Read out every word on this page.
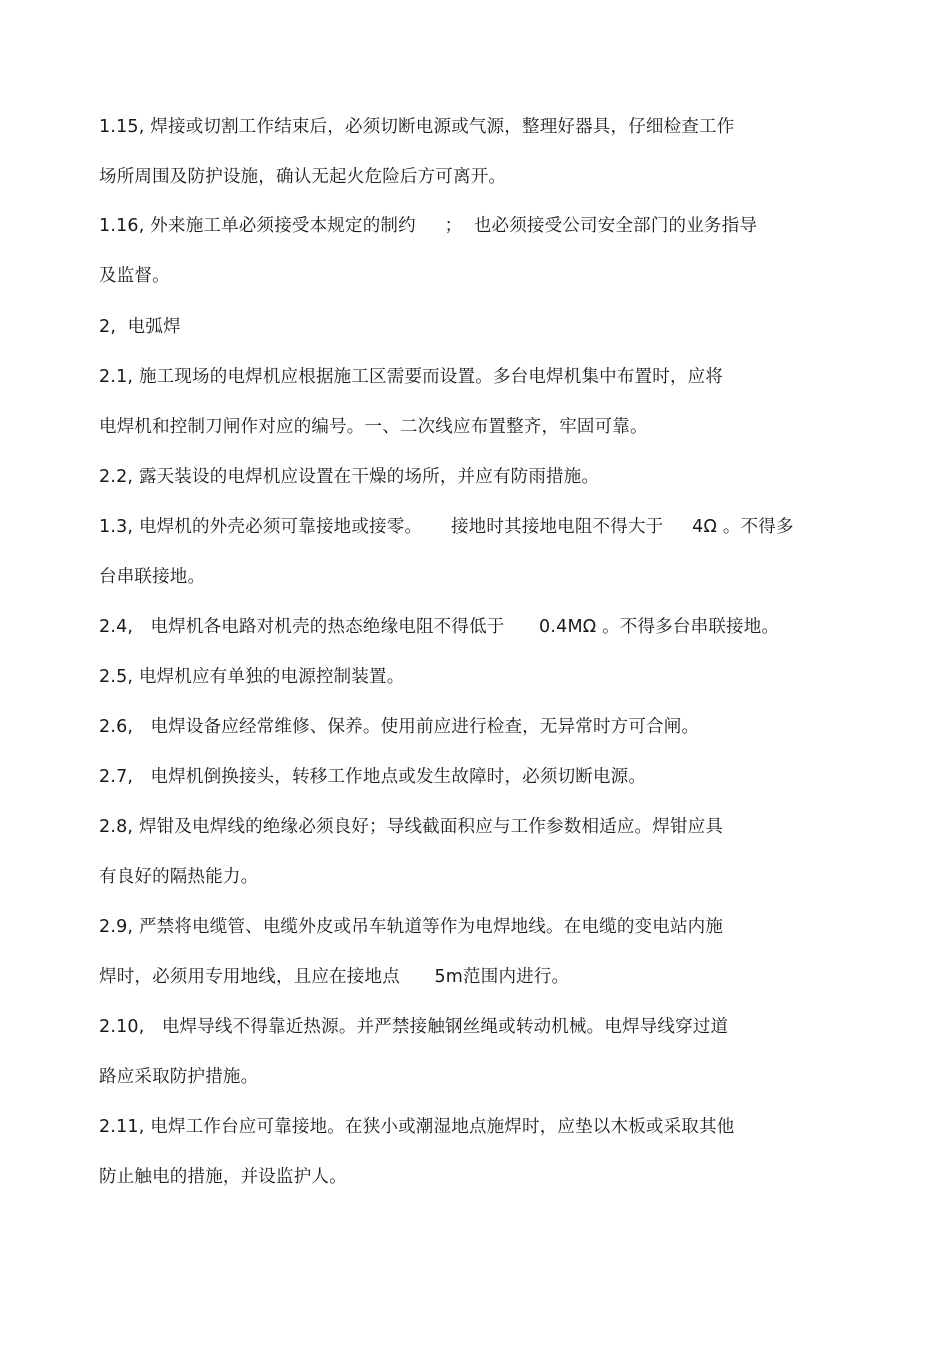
1.15, 焊接或切割工作结束后，必须切断电源或气源，整理好器具，仔细检查工作
场所周围及防护设施，确认无起火危险后方可离开。
1.16, 外来施工单必须接受本规定的制约     ；  也必须接受公司安全部门的业务指导
及监督。
2,  电弧焊
2.1, 施工现场的电焊机应根据施工区需要而设置。多台电焊机集中布置时，应将
电焊机和控制刀闸作对应的编号。一、二次线应布置整齐，牢固可靠。
2.2, 露天装设的电焊机应设置在干燥的场所，并应有防雨措施。
1.3, 电焊机的外壳必须可靠接地或接零。     接地时其接地电阻不得大于     4Ω 。不得多
台串联接地。
2.4,   电焊机各电路对机壳的热态绝缘电阻不得低于      0.4MΩ 。不得多台串联接地。
2.5, 电焊机应有单独的电源控制装置。
2.6,   电焊设备应经常维修、保养。使用前应进行检查，无异常时方可合闸。
2.7,   电焊机倒换接头，转移工作地点或发生故障时，必须切断电源。
2.8, 焊钳及电焊线的绝缘必须良好；导线截面积应与工作参数相适应。焊钳应具
有良好的隔热能力。
2.9, 严禁将电缆管、电缆外皮或吊车轨道等作为电焊地线。在电缆的变电站内施
焊时，必须用专用地线，且应在接地点      5m范围内进行。
2.10,   电焊导线不得靠近热源。并严禁接触钢丝绳或转动机械。电焊导线穿过道
路应采取防护措施。
2.11, 电焊工作台应可靠接地。在狭小或潮湿地点施焊时，应垫以木板或采取其他
防止触电的措施，并设监护人。
